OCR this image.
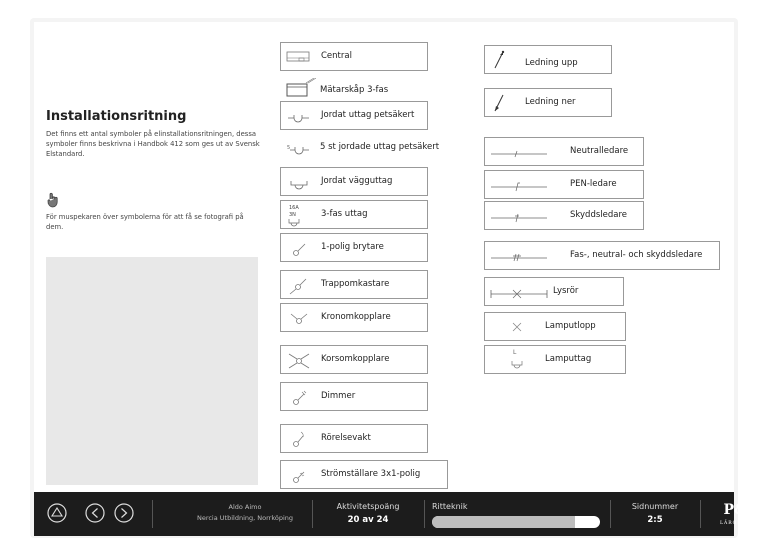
Installationsritning
Det finns ett antal symboler på elinstallationsritningen, dessa symboler finns beskrivna i Handbok 412 som ges ut av Svensk Elstandard.
För muspekaren över symbolerna för att få se fotografi på dem.
Central
Mätarskåp 3-fas
Jordat uttag petsäkert
5	5 st jordade uttag petsäkert
Jordat vägguttag
16A
3N	3-fas uttag
1-polig brytare
Trappomkastare
Kronomkopplare
Korsomkopplare
Dimmer
Rörelsevakt
Strömställare 3x1-polig
Ledning upp
Ledning ner
Neutralledare
PEN-ledare
Skyddsledare
Fas-, neutral- och skyddsledare
Lysrör
Lamputlopp
L
Lamputtag
Aldo Aimo
Nercia Utbildning, Norrköping
Aktivitetspoäng
20 av 24
Ritteknik	Sidnummer
2:5
P&L
LÄROMEDEL
